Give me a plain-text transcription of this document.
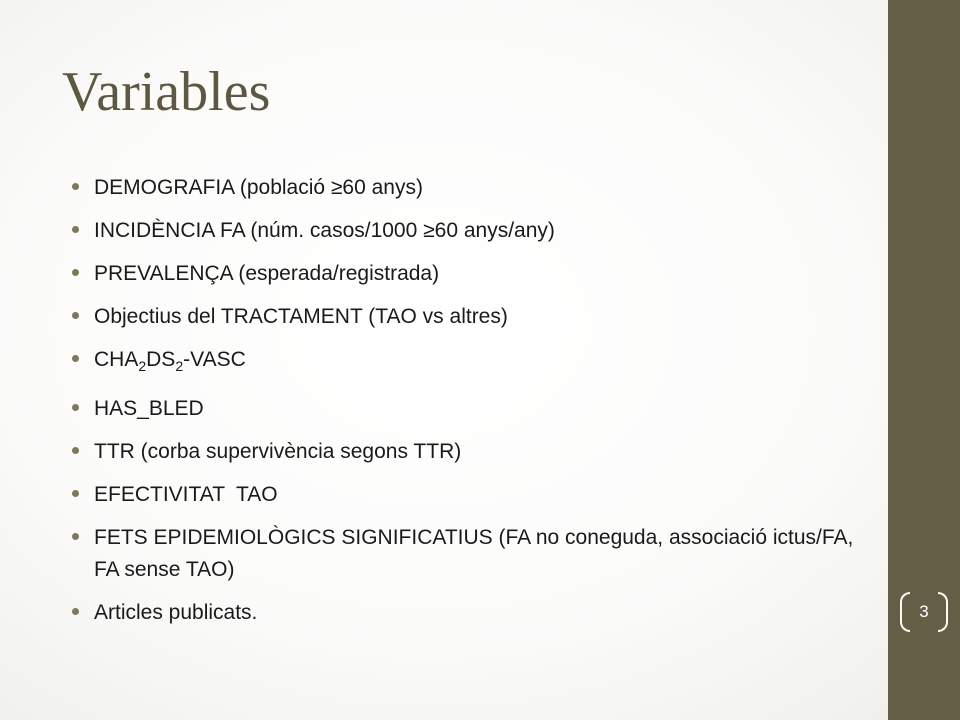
3
Variables
DEMOGRAFIA (població ≥60 anys)
INCIDÈNCIA FA (núm. casos/1000 ≥60 anys/any)
PREVALENÇA (esperada/registrada)
Objectius del TRACTAMENT (TAO vs altres)
$CHA_2DS_2$-VASC
HAS_BLED
TTR (corba supervivència segons TTR)
EFECTIVITAT  TAO
FETS EPIDEMIOLÒGICS SIGNIFICATIUS (FA no coneguda, associació ictus/FA, FA sense TAO)
Articles publicats.
